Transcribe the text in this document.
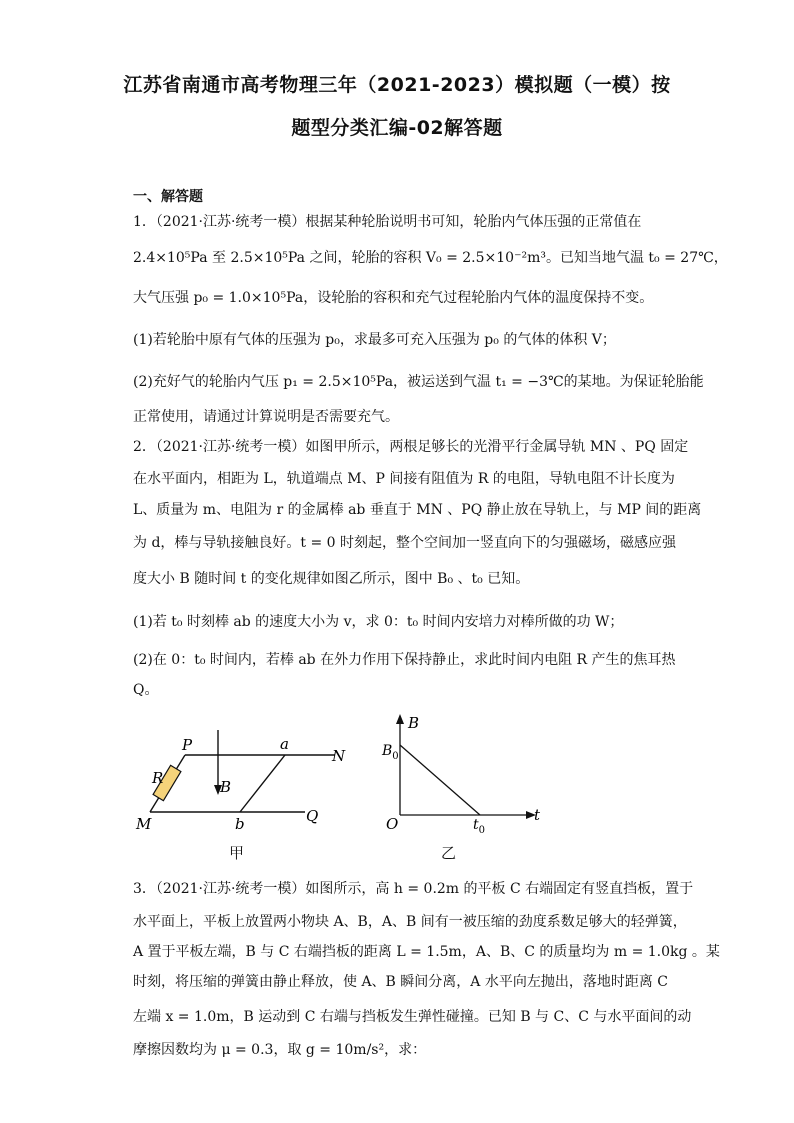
江苏省南通市高考物理三年（2021-2023）模拟题（一模）按
题型分类汇编-02解答题
一、解答题
1．（2021·江苏·统考一模）根据某种轮胎说明书可知，轮胎内气体压强的正常值在
2.4×10⁵Pa 至 2.5×10⁵Pa 之间，轮胎的容积 V₀ = 2.5×10⁻²m³。已知当地气温 t₀ = 27℃，
大气压强 p₀ = 1.0×10⁵Pa，设轮胎的容积和充气过程轮胎内气体的温度保持不变。
(1)若轮胎中原有气体的压强为 p₀，求最多可充入压强为 p₀ 的气体的体积 V；
(2)充好气的轮胎内气压 p₁ = 2.5×10⁵Pa，被运送到气温 t₁ = −3℃的某地。为保证轮胎能
正常使用，请通过计算说明是否需要充气。
2．（2021·江苏·统考一模）如图甲所示，两根足够长的光滑平行金属导轨 MN 、PQ 固定
在水平面内，相距为 L，轨道端点 M、P 间接有阻值为 R 的电阻，导轨电阻不计长度为
L、质量为 m、电阻为 r 的金属棒 ab 垂直于 MN 、PQ 静止放在导轨上，与 MP 间的距离
为 d，棒与导轨接触良好。t = 0 时刻起，整个空间加一竖直向下的匀强磁场，磁感应强
度大小 B 随时间 t 的变化规律如图乙所示，图中 B₀ 、t₀ 已知。
(1)若 t₀ 时刻棒 ab 的速度大小为 v，求 0：t₀ 时间内安培力对棒所做的功 W；
(2)在 0：t₀ 时间内，若棒 ab 在外力作用下保持静止，求此时间内电阻 R 产生的焦耳热
Q。
P	a
N
R	B
M	b	Q
甲
B
t
O
$B_0$
$t_0$
乙
3．（2021·江苏·统考一模）如图所示，高 h = 0.2m 的平板 C 右端固定有竖直挡板，置于
水平面上，平板上放置两小物块 A、B，A、B 间有一被压缩的劲度系数足够大的轻弹簧，
A 置于平板左端，B 与 C 右端挡板的距离 L = 1.5m，A、B、C 的质量均为 m = 1.0kg 。某
时刻，将压缩的弹簧由静止释放，使 A、B 瞬间分离，A 水平向左抛出，落地时距离 C
左端 x = 1.0m，B 运动到 C 右端与挡板发生弹性碰撞。已知 B 与 C、C 与水平面间的动
摩擦因数均为 μ = 0.3，取 g = 10m/s²，求：
